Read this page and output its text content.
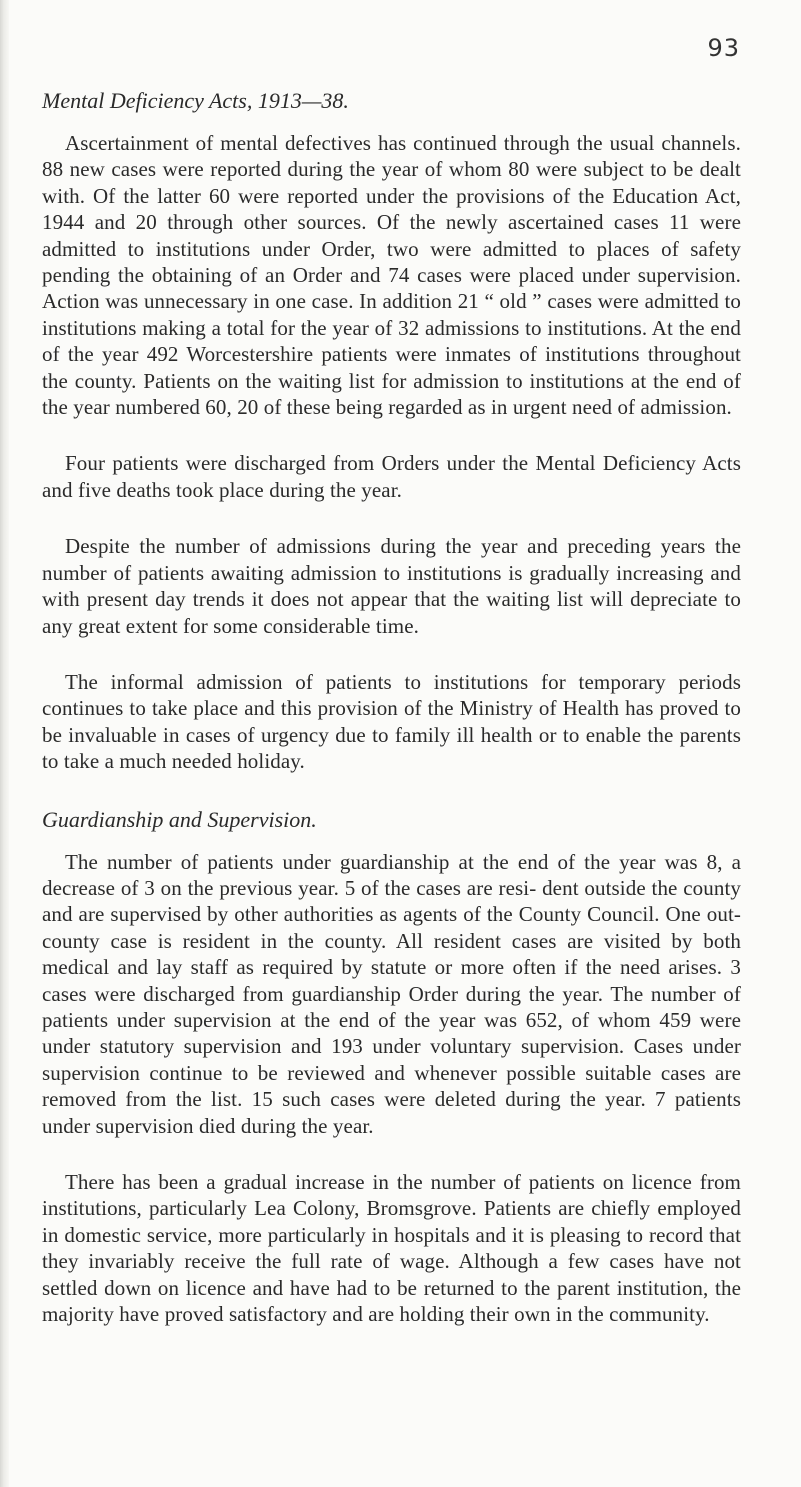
93
Mental Deficiency Acts, 1913—38.

Ascertainment of mental defectives has continued through the usual channels. 88 new cases were reported during the year of whom 80 were subject to be dealt with. Of the latter 60 were reported under the provisions of the Education Act, 1944 and 20 through other sources. Of the newly ascertained cases 11 were admitted to institutions under Order, two were admitted to places of safety pending the obtaining of an Order and 74 cases were placed under supervision. Action was unnecessary in one case. In addition 21 “ old ” cases were admitted to institutions making a total for the year of 32 admissions to institutions. At the end of the year 492 Worcestershire patients were inmates of institutions throughout the county. Patients on the waiting list for admission to institutions at the end of the year numbered 60, 20 of these being regarded as in urgent need of admission.

Four patients were discharged from Orders under the Mental Deficiency Acts and five deaths took place during the year.

Despite the number of admissions during the year and preceding years the number of patients awaiting admission to institutions is gradually increasing and with present day trends it does not appear that the waiting list will depreciate to any great extent for some considerable time.

The informal admission of patients to institutions for temporary periods continues to take place and this provision of the Ministry of Health has proved to be invaluable in cases of urgency due to family ill health or to enable the parents to take a much needed holiday.

Guardianship and Supervision.

The number of patients under guardianship at the end of the year was 8, a decrease of 3 on the previous year. 5 of the cases are resi- dent outside the county and are supervised by other authorities as agents of the County Council. One out-county case is resident in the county. All resident cases are visited by both medical and lay staff as required by statute or more often if the need arises. 3 cases were discharged from guardianship Order during the year. The number of patients under supervision at the end of the year was 652, of whom 459 were under statutory supervision and 193 under voluntary supervision. Cases under supervision continue to be reviewed and whenever possible suitable cases are removed from the list. 15 such cases were deleted during the year. 7 patients under supervision died during the year.

There has been a gradual increase in the number of patients on licence from institutions, particularly Lea Colony, Bromsgrove. Patients are chiefly employed in domestic service, more particularly in hospitals and it is pleasing to record that they invariably receive the full rate of wage. Although a few cases have not settled down on licence and have had to be returned to the parent institution, the majority have proved satisfactory and are holding their own in the community.
